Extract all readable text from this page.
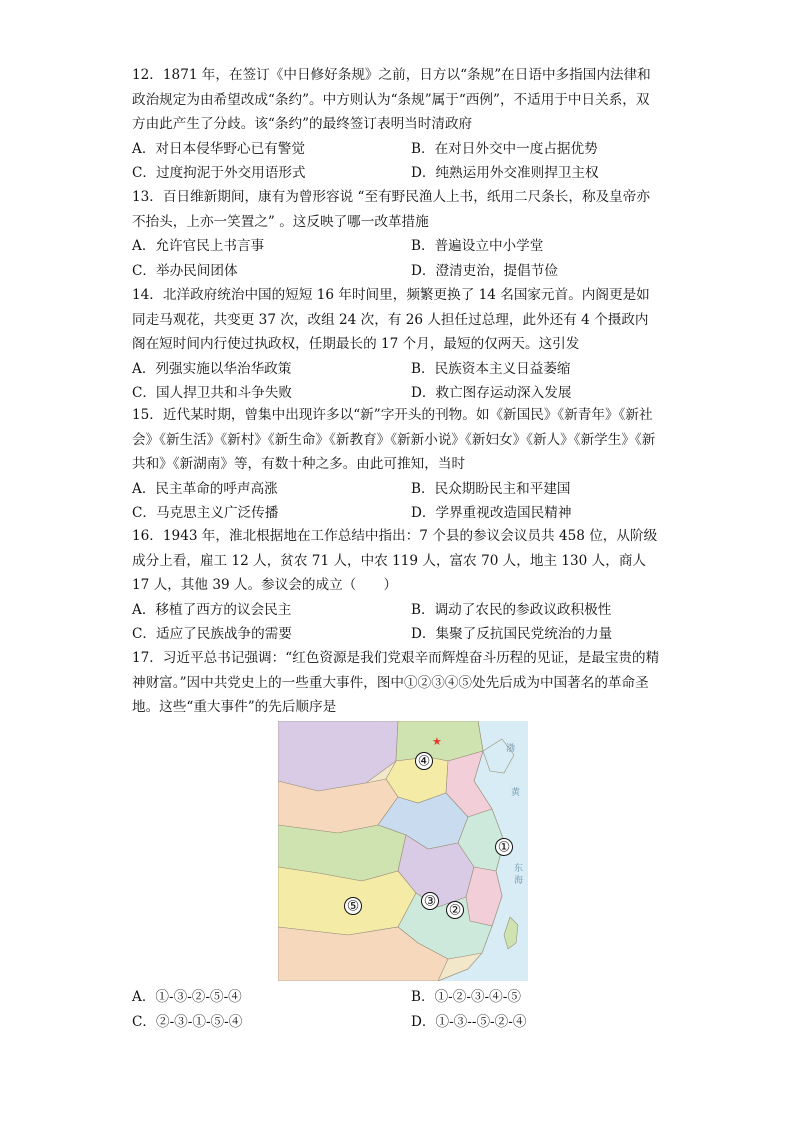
12．1871 年，在签订《中日修好条规》之前，日方以“条规”在日语中多指国内法律和政治规定为由希望改成“条约”。中方则认为“条规”属于“西例”，不适用于中日关系，双方由此产生了分歧。该“条约”的最终签订表明当时清政府

A．对日本侵华野心已有警觉	B．在对日外交中一度占据优势
C．过度拘泥于外交用语形式	D．纯熟运用外交准则捍卫主权

13．百日维新期间，康有为曾形容说 “至有野民渔人上书，纸用二尺条长，称及皇帝亦不抬头，上亦一笑置之” 。这反映了哪一改革措施

A．允许官民上书言事	B．普遍设立中小学堂
C．举办民间团体	D．澄清吏治，提倡节俭

14．北洋政府统治中国的短短 16 年时间里，频繁更换了 14 名国家元首。内阁更是如同走马观花，共变更 37 次，改组 24 次，有 26 人担任过总理，此外还有 4 个摄政内阁在短时间内行使过执政权，任期最长的 17 个月，最短的仅两天。这引发

A．列强实施以华治华政策	B．民族资本主义日益萎缩
C．国人捍卫共和斗争失败	D．救亡图存运动深入发展

15．近代某时期，曾集中出现许多以“新”字开头的刊物。如《新国民》《新青年》《新社会》《新生活》《新村》《新生命》《新教育》《新新小说》《新妇女》《新人》《新学生》《新共和》《新湖南》等，有数十种之多。由此可推知，当时

A．民主革命的呼声高涨	B．民众期盼民主和平建国
C．马克思主义广泛传播	D．学界重视改造国民精神

16．1943 年，淮北根据地在工作总结中指出：7 个县的参议会议员共 458 位，从阶级成分上看，雇工 12 人，贫农 71 人，中农 119 人，富农 70 人，地主 130 人，商人 17 人，其他 39 人。参议会的成立（　　）

A．移植了西方的议会民主	B．调动了农民的参政议政积极性
C．适应了民族战争的需要	D．集聚了反抗国民党统治的力量

17．习近平总书记强调：“红色资源是我们党艰辛而辉煌奋斗历程的见证，是最宝贵的精神财富。”因中共党史上的一些重大事件，图中①②③④⑤处先后成为中国著名的革命圣地。这些“重大事件”的先后顺序是

渤
黄
东
海
★
④
①
③
②
⑤
A．①-③-②-⑤-④	B．①-②-③-④-⑤
C．②-③-①-⑤-④	D．①-③--⑤-②-④
